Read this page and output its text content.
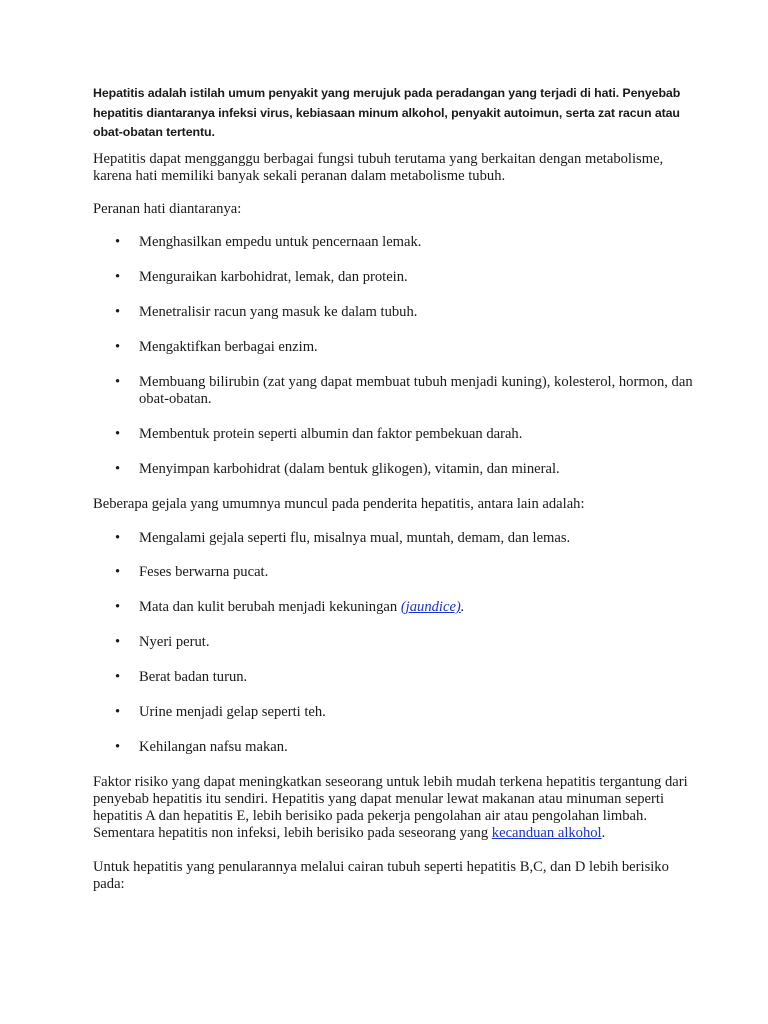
Hepatitis adalah istilah umum penyakit yang merujuk pada peradangan yang terjadi di hati. Penyebab hepatitis diantaranya infeksi virus, kebiasaan minum alkohol, penyakit autoimun, serta zat racun atau obat-obatan tertentu.

Hepatitis dapat mengganggu berbagai fungsi tubuh terutama yang berkaitan dengan metabolisme, karena hati memiliki banyak sekali peranan dalam metabolisme tubuh.

Peranan hati diantaranya:

• Menghasilkan empedu untuk pencernaan lemak.
• Menguraikan karbohidrat, lemak, dan protein.
• Menetralisir racun yang masuk ke dalam tubuh.
• Mengaktifkan berbagai enzim.
• Membuang bilirubin (zat yang dapat membuat tubuh menjadi kuning), kolesterol, hormon, dan obat-obatan.
• Membentuk protein seperti albumin dan faktor pembekuan darah.
• Menyimpan karbohidrat (dalam bentuk glikogen), vitamin, dan mineral.

Beberapa gejala yang umumnya muncul pada penderita hepatitis, antara lain adalah:

• Mengalami gejala seperti flu, misalnya mual, muntah, demam, dan lemas.
• Feses berwarna pucat.
• Mata dan kulit berubah menjadi kekuningan (jaundice).
• Nyeri perut.
• Berat badan turun.
• Urine menjadi gelap seperti teh.
• Kehilangan nafsu makan.

Faktor risiko yang dapat meningkatkan seseorang untuk lebih mudah terkena hepatitis tergantung dari penyebab hepatitis itu sendiri. Hepatitis yang dapat menular lewat makanan atau minuman seperti hepatitis A dan hepatitis E, lebih berisiko pada pekerja pengolahan air atau pengolahan limbah. Sementara hepatitis non infeksi, lebih berisiko pada seseorang yang kecanduan alkohol.

Untuk hepatitis yang penularannya melalui cairan tubuh seperti hepatitis B,C, dan D lebih berisiko pada:
